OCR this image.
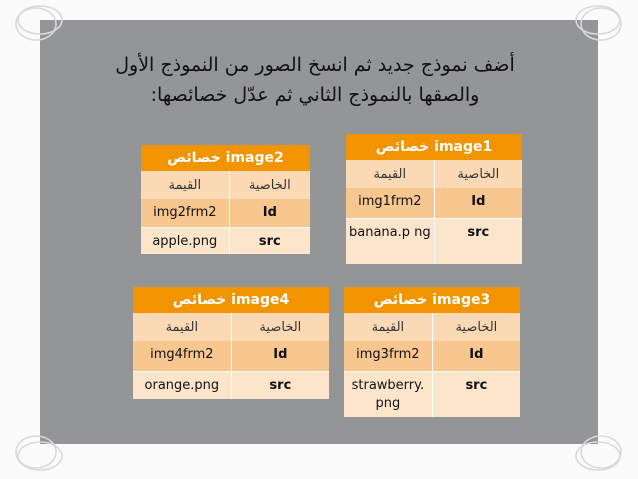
أضف نموذج جديد ثم انسخ الصور من النموذج الأول
والصقها بالنموذج الثاني ثم عدّل خصائصها:
image1 خصائص	
القيمة	الخاصية
img1frm2	Id
banana.p ng	src
image2 خصائص	
القيمة	الخاصية
img2frm2	Id
apple.png	src
image4 خصائص	
القيمة	الخاصية
img4frm2	Id
orange.png	src
image3 خصائص	
القيمة	الخاصية
img3frm2	Id
strawberry. png	src
